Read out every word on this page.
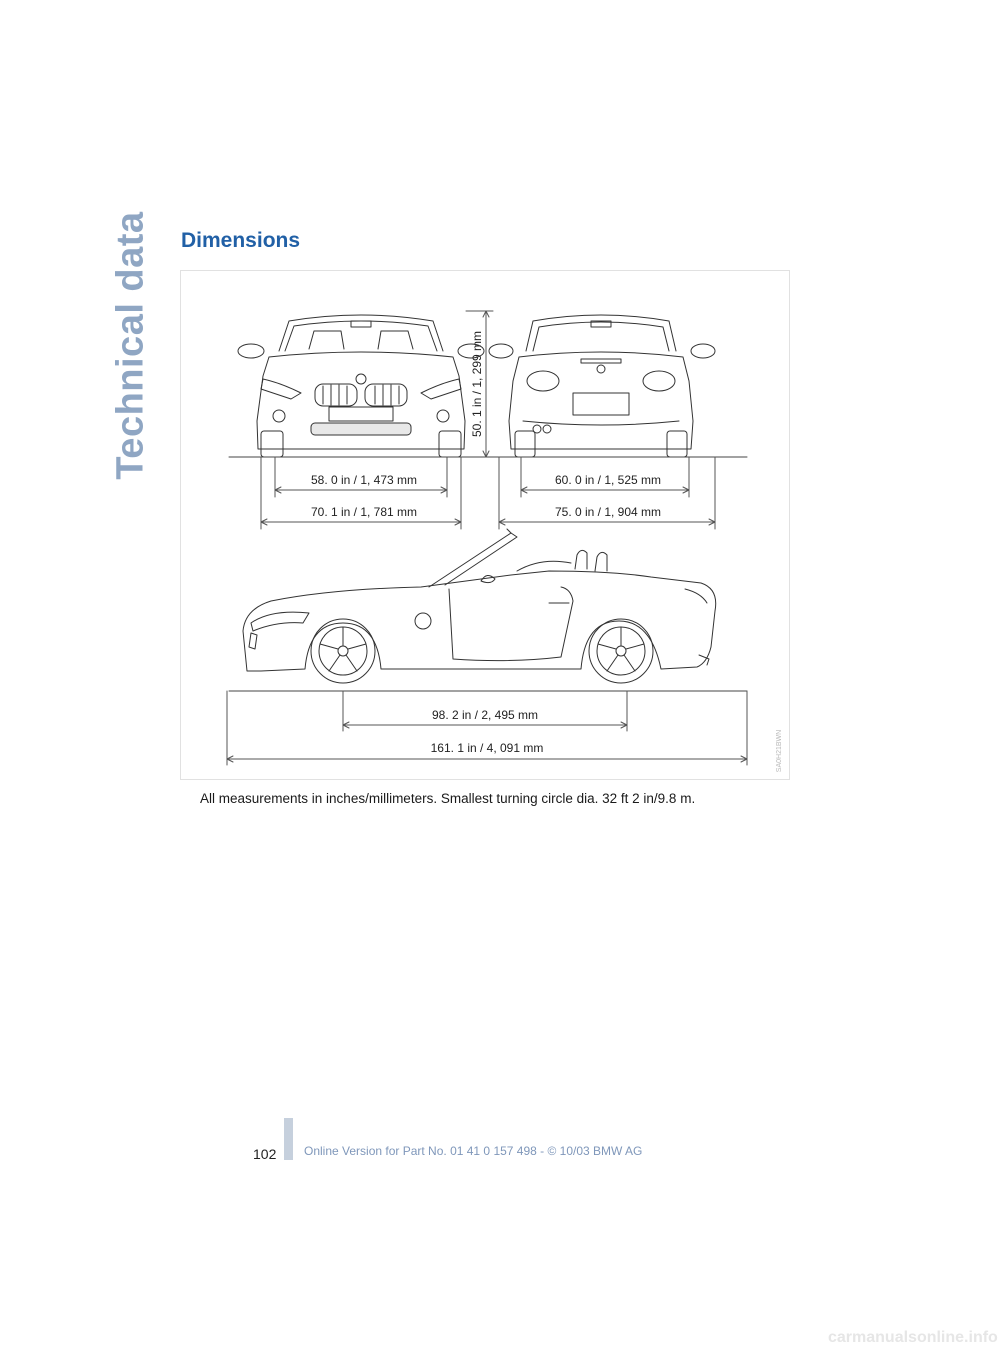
Technical data Dimensions
50. 1 in / 1, 299 mm
58. 0 in / 1, 473 mm
70. 1 in / 1, 781 mm
60. 0 in / 1, 525 mm
75. 0 in / 1, 904 mm
98. 2 in / 2, 495 mm
161. 1 in / 4, 091 mm	SA0H21BWN

All measurements in inches/millimeters. Smallest turning circle dia. 32 ft 2 in/9.8 m.

102 Online Version for Part No. 01 41 0 157 498 - © 10/03 BMW AG
carmanualsonline.info
